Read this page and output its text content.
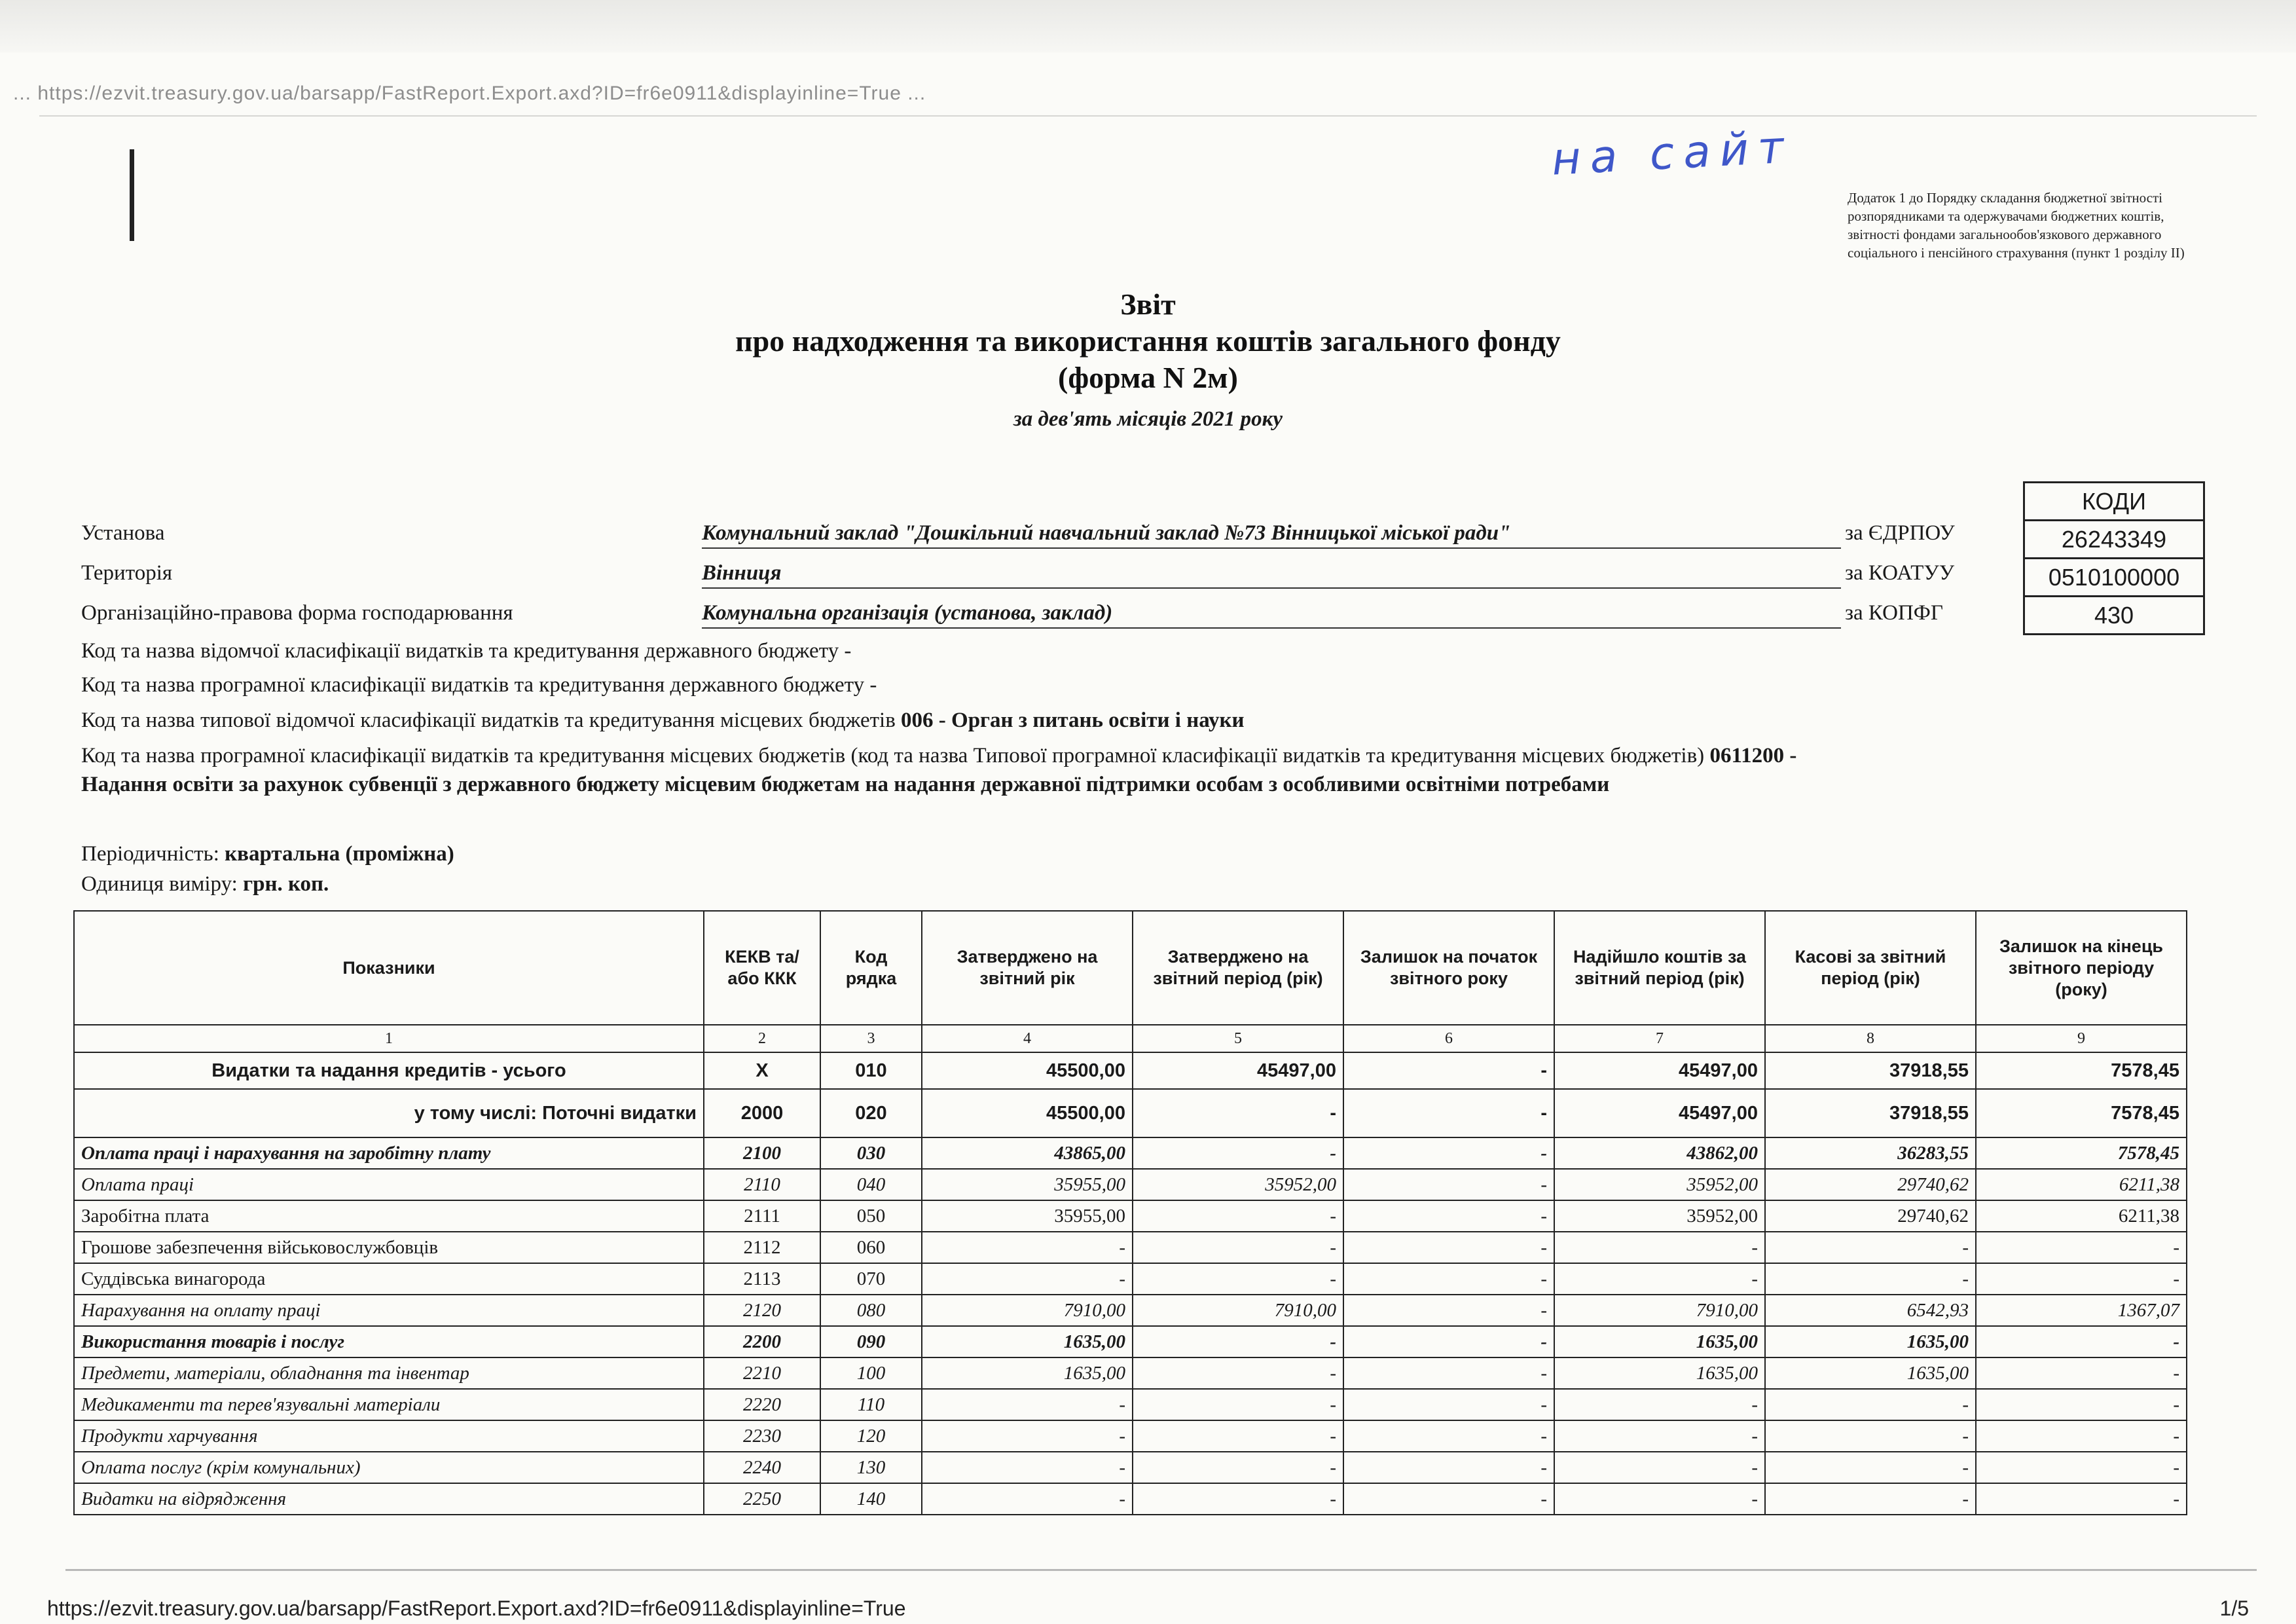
... https://ezvit.treasury.gov.ua/barsapp/FastReport.Export.axd?ID=fr6e0911&displayinline=True ...
на сайт
Додаток 1 до Порядку складання бюджетної звітності розпорядниками та одержувачами бюджетних коштів, звітності фондами загальнообов'язкового державного соціального і пенсійного страхування (пункт 1 розділу II)
Звіт
про надходження та використання коштів загального фонду
(форма N 2м)
за дев'ять місяців 2021 року
КОДИ
26243349
0510100000
430
Установа	Комунальний заклад "Дошкільний навчальний заклад №73 Вінницької міської ради"	за ЄДРПОУ
Територія	Вінниця	за КОАТУУ
Організаційно-правова форма господарювання	Комунальна організація (установа, заклад)	за КОПФГ
Код та назва відомчої класифікації видатків та кредитування державного бюджету -
Код та назва програмної класифікації видатків та кредитування державного бюджету -
Код та назва типової відомчої класифікації видатків та кредитування місцевих бюджетів 006 - Орган з питань освіти і науки
Код та назва програмної класифікації видатків та кредитування місцевих бюджетів (код та назва Типової програмної класифікації видатків та кредитування місцевих бюджетів) 0611200 - Надання освіти за рахунок субвенції з державного бюджету місцевим бюджетам на надання державної підтримки особам з особливими освітніми потребами
Періодичність: квартальна (проміжна)
Одиниця виміру: грн. коп.
Показники	КЕКВ та/або ККК	Код рядка	Затверджено на звітний рік	Затверджено на звітний період (рік)	Залишок на початок звітного року	Надійшло коштів за звітний період (рік)	Касові за звітний період (рік)	Залишок на кінець звітного періоду (року)
1	2	3	4	5	6	7	8	9
Видатки та надання кредитів - усього	Х	010	45500,00	45497,00	-	45497,00	37918,55	7578,45
у тому числі: Поточні видатки	2000	020	45500,00	-	-	45497,00	37918,55	7578,45
Оплата праці і нарахування на заробітну плату	2100	030	43865,00	-	-	43862,00	36283,55	7578,45
Оплата праці	2110	040	35955,00	35952,00	-	35952,00	29740,62	6211,38
Заробітна плата	2111	050	35955,00	-	-	35952,00	29740,62	6211,38
Грошове забезпечення військовослужбовців	2112	060	-	-	-	-	-	-
Суддівська винагорода	2113	070	-	-	-	-	-	-
Нарахування на оплату праці	2120	080	7910,00	7910,00	-	7910,00	6542,93	1367,07
Використання товарів і послуг	2200	090	1635,00	-	-	1635,00	1635,00	-
Предмети, матеріали, обладнання та інвентар	2210	100	1635,00	-	-	1635,00	1635,00	-
Медикаменти та перев'язувальні матеріали	2220	110	-	-	-	-	-	-
Продукти харчування	2230	120	-	-	-	-	-	-
Оплата послуг (крім комунальних)	2240	130	-	-	-	-	-	-
Видатки на відрядження	2250	140	-	-	-	-	-	-
https://ezvit.treasury.gov.ua/barsapp/FastReport.Export.axd?ID=fr6e0911&displayinline=True	1/5
